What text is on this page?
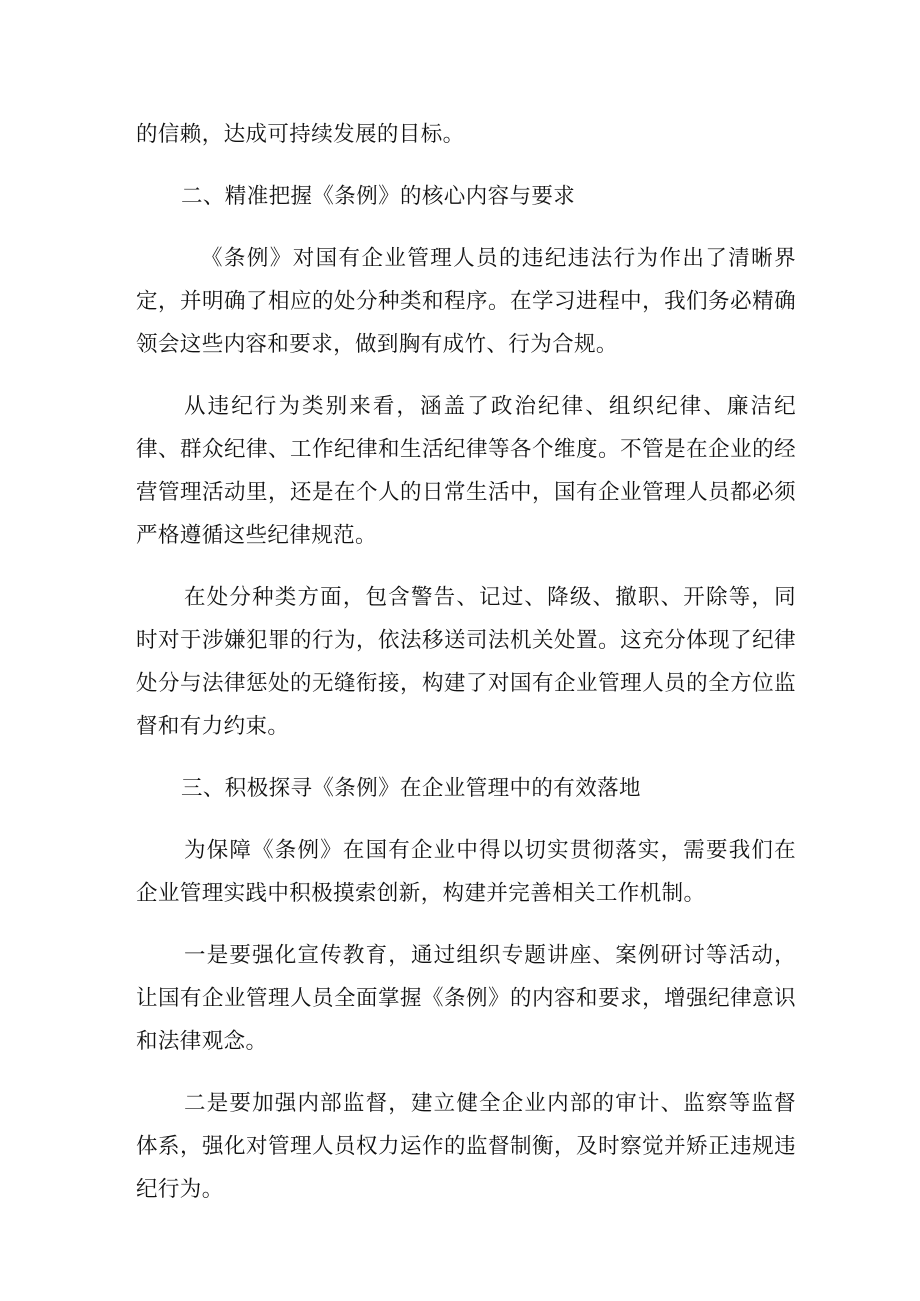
的信赖，达成可持续发展的目标。

二、精准把握《条例》的核心内容与要求

《条例》对国有企业管理人员的违纪违法行为作出了清晰界定，并明确了相应的处分种类和程序。在学习进程中，我们务必精确领会这些内容和要求，做到胸有成竹、行为合规。

从违纪行为类别来看，涵盖了政治纪律、组织纪律、廉洁纪律、群众纪律、工作纪律和生活纪律等各个维度。不管是在企业的经营管理活动里，还是在个人的日常生活中，国有企业管理人员都必须严格遵循这些纪律规范。

在处分种类方面，包含警告、记过、降级、撤职、开除等，同时对于涉嫌犯罪的行为，依法移送司法机关处置。这充分体现了纪律处分与法律惩处的无缝衔接，构建了对国有企业管理人员的全方位监督和有力约束。

三、积极探寻《条例》在企业管理中的有效落地

为保障《条例》在国有企业中得以切实贯彻落实，需要我们在企业管理实践中积极摸索创新，构建并完善相关工作机制。

一是要强化宣传教育，通过组织专题讲座、案例研讨等活动，让国有企业管理人员全面掌握《条例》的内容和要求，增强纪律意识和法律观念。

二是要加强内部监督，建立健全企业内部的审计、监察等监督体系，强化对管理人员权力运作的监督制衡，及时察觉并矫正违规违纪行为。
